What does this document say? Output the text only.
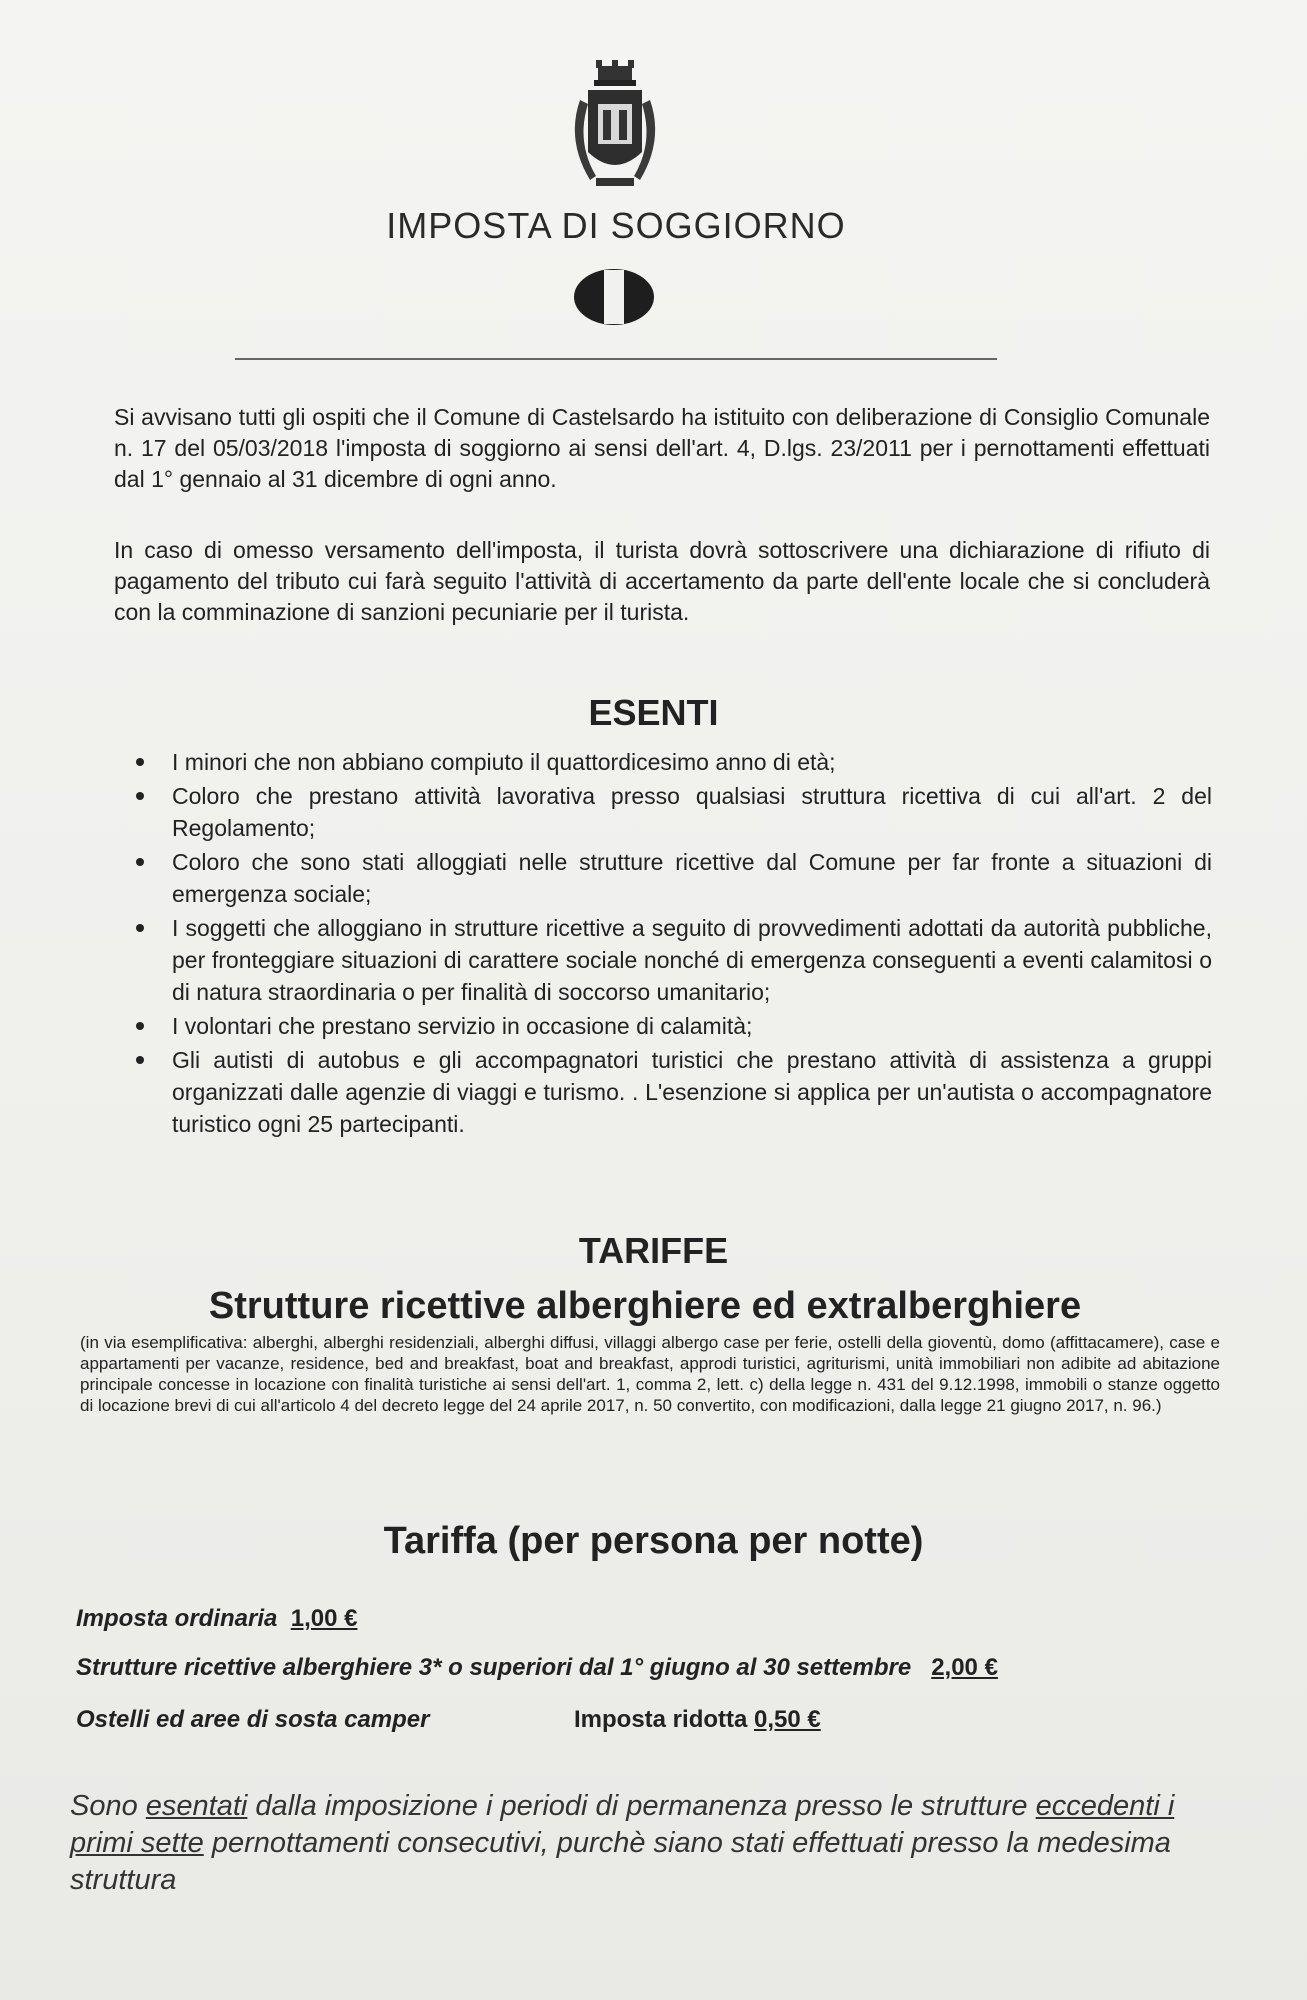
IMPOSTA DI SOGGIORNO
Si avvisano tutti gli ospiti che il Comune di Castelsardo ha istituito con deliberazione di Consiglio Comunale n. 17 del 05/03/2018 l'imposta di soggiorno ai sensi dell'art. 4, D.lgs. 23/2011 per i pernottamenti effettuati dal 1° gennaio al 31 dicembre di ogni anno.
In caso di omesso versamento dell'imposta, il turista dovrà sottoscrivere una dichiarazione di rifiuto di pagamento del tributo cui farà seguito l'attività di accertamento da parte dell'ente locale che si concluderà con la comminazione di sanzioni pecuniarie per il turista.
ESENTI
I minori che non abbiano compiuto il quattordicesimo anno di età;
Coloro che prestano attività lavorativa presso qualsiasi struttura ricettiva di cui all'art. 2 del Regolamento;
Coloro che sono stati alloggiati nelle strutture ricettive dal Comune per far fronte a situazioni di emergenza sociale;
I soggetti che alloggiano in strutture ricettive a seguito di provvedimenti adottati da autorità pubbliche, per fronteggiare situazioni di carattere sociale nonché di emergenza conseguenti a eventi calamitosi o di natura straordinaria o per finalità di soccorso umanitario;
I volontari che prestano servizio in occasione di calamità;
Gli autisti di autobus e gli accompagnatori turistici che prestano attività di assistenza a gruppi organizzati dalle agenzie di viaggi e turismo. . L'esenzione si applica per un'autista o accompagnatore turistico ogni 25 partecipanti.
TARIFFE
Strutture ricettive alberghiere ed extralberghiere
(in via esemplificativa: alberghi, alberghi residenziali, alberghi diffusi, villaggi albergo case per ferie, ostelli della gioventù, domo (affittacamere), case e appartamenti per vacanze, residence, bed and breakfast, boat and breakfast, approdi turistici, agriturismi, unità immobiliari non adibite ad abitazione principale concesse in locazione con finalità turistiche ai sensi dell'art. 1, comma 2, lett. c) della legge n. 431 del 9.12.1998, immobili o stanze oggetto di locazione brevi di cui all'articolo 4 del decreto legge del 24 aprile 2017, n. 50 convertito, con modificazioni, dalla legge 21 giugno 2017, n. 96.)
Tariffa (per persona per notte)
Imposta ordinaria 1,00 €
Strutture ricettive alberghiere 3* o superiori dal 1° giugno al 30 settembre 2,00 €
Ostelli ed aree di sosta camper	Imposta ridotta 0,50 €
Sono esentati dalla imposizione i periodi di permanenza presso le strutture eccedenti i primi sette pernottamenti consecutivi, purchè siano stati effettuati presso la medesima struttura
